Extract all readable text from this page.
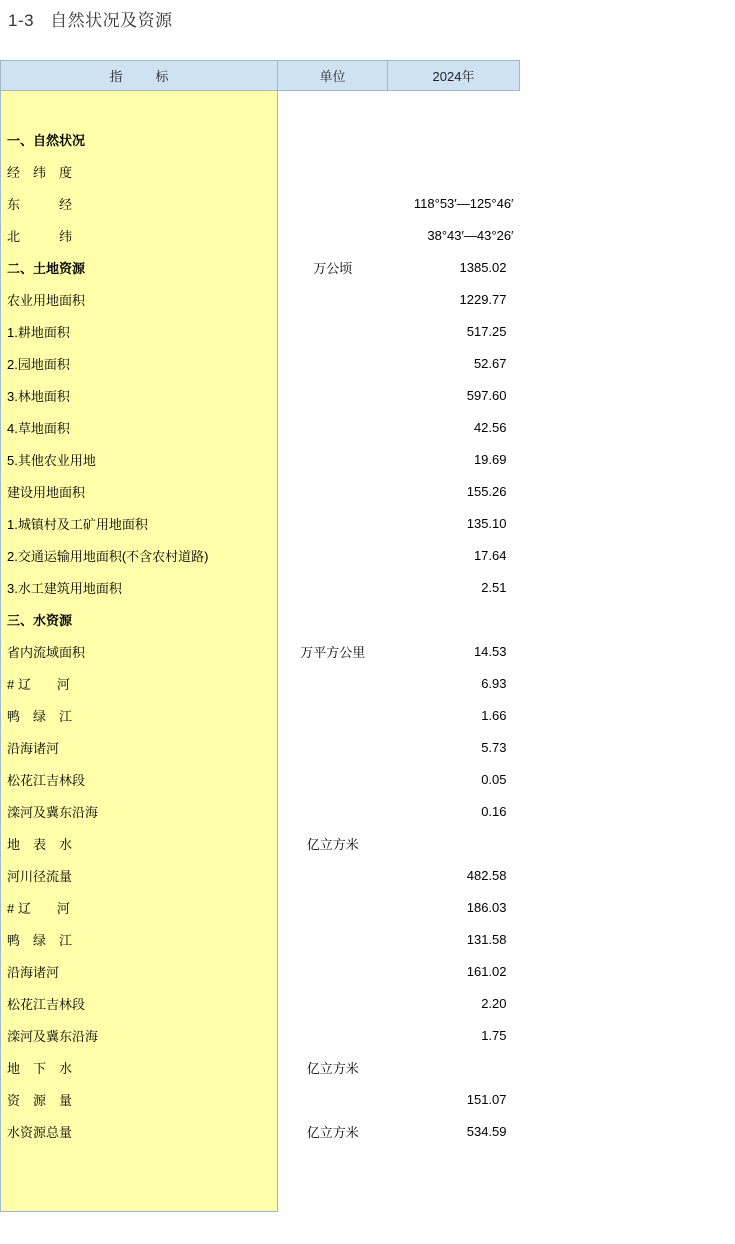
1-3 自然状况及资源
指　标	单位	2024年

一、自然状况		
经　纬　度		
东　　　经		118°53′—125°46′
北　　　纬		38°43′—43°26′
二、土地资源	万公顷	1385.02
农业用地面积		1229.77
1.耕地面积		517.25
2.园地面积		52.67
3.林地面积		597.60
4.草地面积		42.56
5.其他农业用地		19.69
建设用地面积		155.26
1.城镇村及工矿用地面积		135.10
2.交通运输用地面积(不含农村道路)		17.64
3.水工建筑用地面积		2.51
三、水资源		
省内流域面积	万平方公里	14.53
# 辽　　河		6.93
鸭　绿　江		1.66
沿海诸河		5.73
松花江吉林段		0.05
滦河及冀东沿海		0.16
地　表　水	亿立方米	
河川径流量		482.58
# 辽　　河		186.03
鸭　绿　江		131.58
沿海诸河		161.02
松花江吉林段		2.20
滦河及冀东沿海		1.75
地　下　水	亿立方米	
资　源　量		151.07
水资源总量	亿立方米	534.59
